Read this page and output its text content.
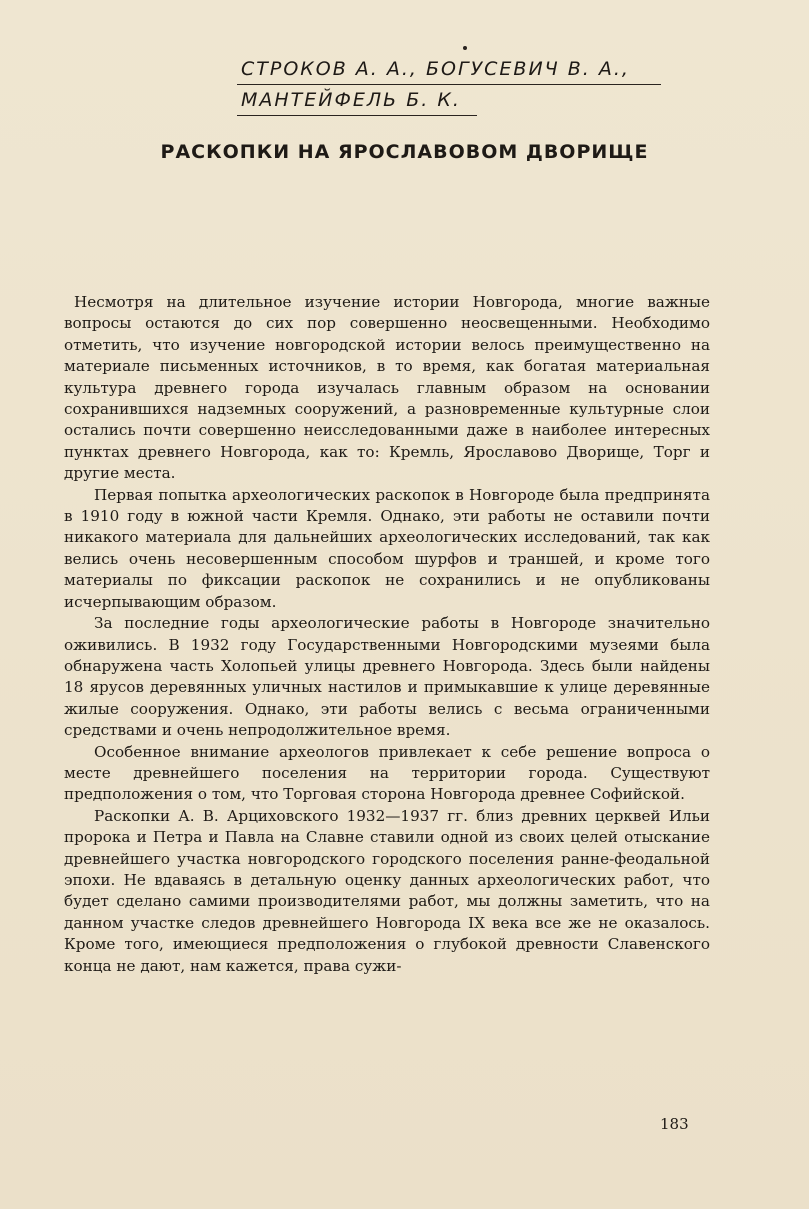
СТРОКОВ А. А., БОГУСЕВИЧ В. А.,
МАНТЕЙФЕЛЬ Б. К.
РАСКОПКИ НА ЯРОСЛАВОВОМ ДВОРИЩЕ

Несмотря на длительное изучение истории Новгорода, многие важные вопросы остаются до сих пор совершенно неосвещенными. Необходимо отметить, что изучение новгородской истории велось преимущественно на материале письменных источников, в то время, как богатая материальная культура древнего города изучалась главным образом на основании сохранившихся надземных сооружений, а разновременные культурные слои остались почти совершенно неисследованными даже в наиболее интересных пунктах древнего Новгорода, как то: Кремль, Ярославово Дворище, Торг и другие места.

Первая попытка археологических раскопок в Новгороде была предпринята в 1910 году в южной части Кремля. Однако, эти работы не оставили почти никакого материала для дальнейших археологических исследований, так как велись очень несовершенным способом шурфов и траншей, и кроме того материалы по фиксации раскопок не сохранились и не опубликованы исчерпывающим образом.

За последние годы археологические работы в Новгороде значительно оживились. В 1932 году Государственными Новгородскими музеями была обнаружена часть Холопьей улицы древнего Новгорода. Здесь были найдены 18 ярусов деревянных уличных настилов и примыкавшие к улице деревянные жилые сооружения. Однако, эти работы велись с весьма ограниченными средствами и очень непродолжительное время.

Особенное внимание археологов привлекает к себе решение вопроса о месте древнейшего поселения на территории города. Существуют предположения о том, что Торговая сторона Новгорода древнее Софийской.

Раскопки А. В. Арциховского 1932—1937 гг. близ древних церквей Ильи пророка и Петра и Павла на Славне ставили одной из своих целей отыскание древнейшего участка новгородского городского поселения ранне-феодальной эпохи. Не вдаваясь в детальную оценку данных археологических работ, что будет сделано самими производителями работ, мы должны заметить, что на данном участке следов древнейшего Новгорода IX века все же не оказалось. Кроме того, имеющиеся предположения о глубокой древности Славенского конца не дают, нам кажется, права сужи-

183
